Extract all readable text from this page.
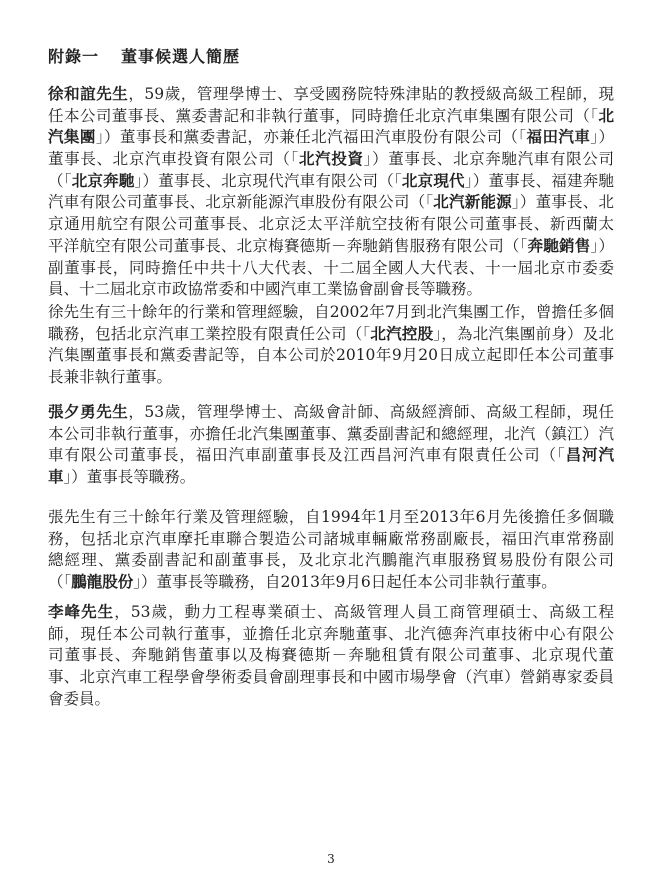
附錄一 董事候選人簡歷
徐和誼先生，59歲，管理學博士、享受國務院特殊津貼的教授級高級工程師，現
任本公司董事長、黨委書記和非執行董事，同時擔任北京汽車集團有限公司（「北
汽集團」）董事長和黨委書記，亦兼任北汽福田汽車股份有限公司（「福田汽車」）
董事長、北京汽車投資有限公司（「北汽投資」）董事長、北京奔馳汽車有限公司
（「北京奔馳」）董事長、北京現代汽車有限公司（「北京現代」）董事長、福建奔馳
汽車有限公司董事長、北京新能源汽車股份有限公司（「北汽新能源」）董事長、北
京通用航空有限公司董事長、北京泛太平洋航空技術有限公司董事長、新西蘭太
平洋航空有限公司董事長、北京梅賽德斯－奔馳銷售服務有限公司（「奔馳銷售」）
副董事長，同時擔任中共十八大代表、十二屆全國人大代表、十一屆北京市委委
員、十二屆北京市政協常委和中國汽車工業協會副會長等職務。
徐先生有三十餘年的行業和管理經驗，自2002年7月到北汽集團工作，曾擔任多個
職務，包括北京汽車工業控股有限責任公司（「北汽控股」，為北汽集團前身）及北
汽集團董事長和黨委書記等，自本公司於2010年9月20日成立起即任本公司董事
長兼非執行董事。
張夕勇先生，53歲，管理學博士、高級會計師、高級經濟師、高級工程師，現任
本公司非執行董事，亦擔任北汽集團董事、黨委副書記和總經理，北汽（鎮江）汽
車有限公司董事長，福田汽車副董事長及江西昌河汽車有限責任公司（「昌河汽
車」）董事長等職務。
張先生有三十餘年行業及管理經驗，自1994年1月至2013年6月先後擔任多個職
務，包括北京汽車摩托車聯合製造公司諸城車輛廠常務副廠長，福田汽車常務副
總經理、黨委副書記和副董事長，及北京北汽鵬龍汽車服務貿易股份有限公司
（「鵬龍股份」）董事長等職務，自2013年9月6日起任本公司非執行董事。
李峰先生，53歲，動力工程專業碩士、高級管理人員工商管理碩士、高級工程
師，現任本公司執行董事，並擔任北京奔馳董事、北汽德奔汽車技術中心有限公
司董事長、奔馳銷售董事以及梅賽德斯－奔馳租賃有限公司董事、北京現代董
事、北京汽車工程學會學術委員會副理事長和中國市場學會（汽車）營銷專家委員
會委員。
3
